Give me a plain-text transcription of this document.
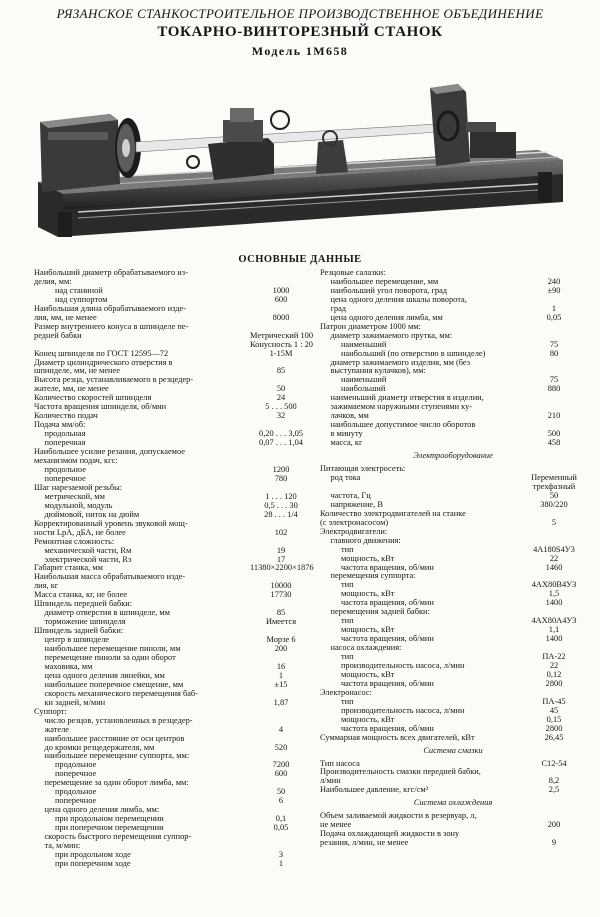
РЯЗАНСКОЕ СТАНКОСТРОИТЕЛЬНОЕ ПРОИЗВОДСТВЕННОЕ ОБЪЕДИНЕНИЕ
ТОКАРНО-ВИНТОРЕЗНЫЙ СТАНОК
Модель 1М658
ОСНОВНЫЕ ДАННЫЕ
Наибольший диаметр обрабатываемого из-
делия, мм:
над станиной	1000
над суппортом	600
Наибольшая длина обрабатываемого изде-
лия, мм, не менее	8000
Размер внутреннего конуса в шпинделе пе-
редней бабки	Метрический 100
Конусность 1 : 20
Конец шпинделя по ГОСТ 12595—72	1-15М
Диаметр цилиндрического отверстия в
шпинделе, мм, не менее	85
Высота резца, устанавливаемого в резцедер-
жателе, мм, не менее	50
Количество скоростей шпинделя	24
Частота вращения шпинделя, об/мин	5 . . . 500
Количество подач	32
Подача мм/об:
продольная	0,20 . . . 3,05
поперечная	0,07 . . . 1,04
Наибольшее усилие резания, допускаемое
механизмом подач, кгс:
продольное	1200
поперечное	780
Шаг нарезаемой резьбы:
метрической, мм	1 . . . 120
модульной, модуль	0,5 . . . 30
дюймовой, ниток на дюйм	28 . . . 1/4
Корректированный уровень звуковой мощ-
ности LpA, дБА, не более	102
Ремонтная сложность:
механической части, Rм	19
электрической части, Rэ	17
Габарит станка, мм	11380×2200×1876
Наибольшая масса обрабатываемого изде-
лия, кг	10000
Масса станка, кг, не более	17730
Шпиндель передней бабки:
диаметр отверстия в шпинделе, мм	85
торможение шпинделя	Имеется
Шпиндель задней бабки:
центр в шпинделе	Морзе 6
наибольшее перемещение пиноли, мм	200
перемещение пиноли за один оборот
маховика, мм	16
цена одного деления линейки, мм	1
наибольшее поперечное смещение, мм	±15
скорость механического перемещения баб-
ки задней, м/мин	1,87
Суппорт:
число резцов, установленных в резцедер-
жателе	4
наибольшее расстояние от оси центров
до кромки резцедержателя, мм	520
наибольшее перемещение суппорта, мм:
продольное	7200
поперечное	600
перемещение за один оборот лимба, мм:
продольное	50
поперечное	6
цена одного деления лимба, мм:
при продольном перемещении	0,1
при поперечном перемещении	0,05
скорость быстрого перемещения суппор-
та, м/мин:
при продольном ходе	3
при поперечном ходе	1
Резцовые салазки:
наибольшее перемещение, мм	240
наибольший угол поворота, град	±90
цена одного деления шкалы поворота,
град	1
цена одного деления лимба, мм	0,05
Патрон диаметром 1000 мм:
диаметр зажимаемого прутка, мм:
наименьший	75
наибольший (по отверстию в шпинделе)	80
диаметр зажимаемого изделия, мм (без
выступания кулачков), мм:
наименьший	75
наибольший	880
наименьший диаметр отверстия в изделии,
зажимаемом наружными ступенями ку-
лачков, мм	210
наибольшее допустимое число оборотов
в минуту	500
масса, кг	458
Электрооборудование
Питающая электросеть:
род тока	Переменный
трехфазный
частота, Гц	50
напряжение, В	380/220
Количество электродвигателей на станке
(с электронасосом)	5
Электродвигатели:
главного движения:
тип	4А180S4У3
мощность, кВт	22
частота вращения, об/мин	1460
перемещения суппорта:
тип	4АХ80В4У3
мощность, кВт	1,5
частота вращения, об/мин	1400
перемещения задней бабки:
тип	4АХ80А4У3
мощность, кВт	1,1
частота вращения, об/мин	1400
насоса охлаждения:
тип	ПА-22
производительность насоса, л/мин	22
мощность, кВт	0,12
частота вращения, об/мин	2800
Электронасос:
тип	ПА-45
производительность насоса, л/мин	45
мощность, кВт	0,15
частота вращения, об/мин	2800
Суммарная мощность всех двигателей, кВт	26,45
Система смазки
Тип насоса	С12-54
Производительность смазки передней бабки,
л/мин	8,2
Наибольшее давление, кгс/см²	2,5
Система охлаждения
Объем заливаемой жидкости в резервуар, л,
не менее	200
Подача охлаждающей жидкости в зону
резания, л/мин, не менее	9
